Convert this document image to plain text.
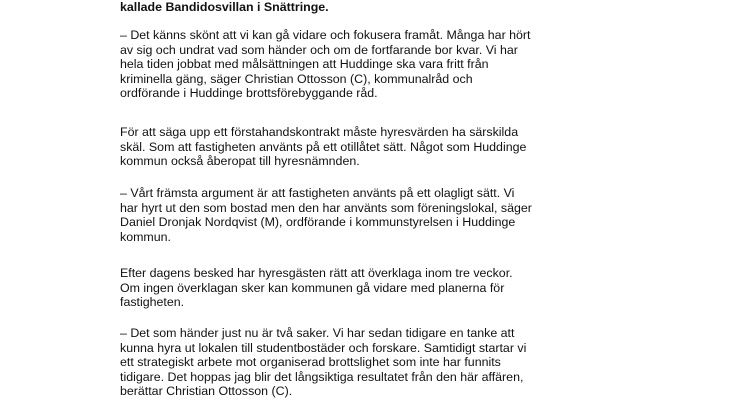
kallade Bandidosvillan i Snättringe.

– Det känns skönt att vi kan gå vidare och fokusera framåt. Många har hört
av sig och undrat vad som händer och om de fortfarande bor kvar. Vi har
hela tiden jobbat med målsättningen att Huddinge ska vara fritt från
kriminella gäng, säger Christian Ottosson (C), kommunalråd och
ordförande i Huddinge brottsförebyggande råd.

För att säga upp ett förstahandskontrakt måste hyresvärden ha särskilda
skäl. Som att fastigheten använts på ett otillåtet sätt. Något som Huddinge
kommun också åberopat till hyresnämnden.

– Vårt främsta argument är att fastigheten använts på ett olagligt sätt. Vi
har hyrt ut den som bostad men den har använts som föreningslokal, säger
Daniel Dronjak Nordqvist (M), ordförande i kommunstyrelsen i Huddinge
kommun.

Efter dagens besked har hyresgästen rätt att överklaga inom tre veckor.
Om ingen överklagan sker kan kommunen gå vidare med planerna för
fastigheten.

– Det som händer just nu är två saker. Vi har sedan tidigare en tanke att
kunna hyra ut lokalen till studentbostäder och forskare. Samtidigt startar vi
ett strategiskt arbete mot organiserad brottslighet som inte har funnits
tidigare. Det hoppas jag blir det långsiktiga resultatet från den här affären,
berättar Christian Ottosson (C).
